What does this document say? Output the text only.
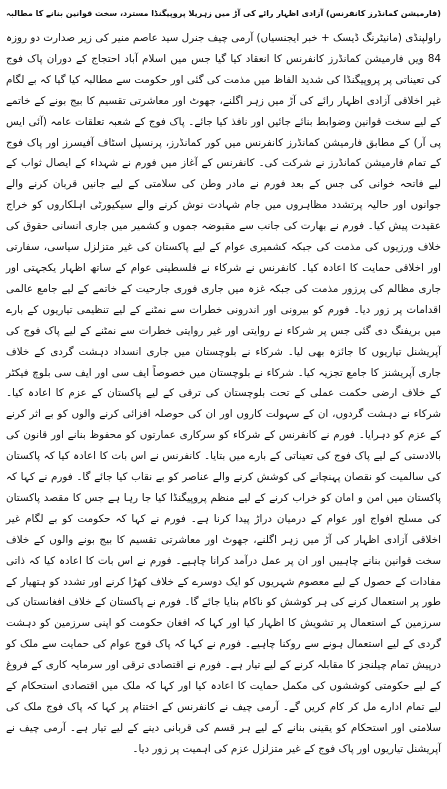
(فارمیشن کمانڈرز کانفرنس) آزادی اظہار رائے کی آڑ میں زہریلا پروپیگنڈا مسترد، سخت قوانین بنانے کا مطالبہ

راولپنڈی (مانیٹرنگ ڈیسک + خبر ایجنسیاں) آرمی چیف جنرل سید عاصم منیر کی زیر صدارت دو روزہ 84 ویں فارمیشن کمانڈرز کانفرنس کا انعقاد کیا گیا جس میں اسلام آباد احتجاج کے دوران پاک فوج کی تعیناتی پر پروپیگنڈا کی شدید الفاظ میں مذمت کی گئی اور حکومت سے مطالبہ کیا گیا کہ بے لگام غیر اخلاقی آزادی اظہار رائے کی آڑ میں زہر اگلنے، جھوٹ اور معاشرتی تقسیم کا بیج بونے کے خاتمے کے لیے سخت قوانین وضوابط بنائے جائیں اور نافذ کیا جائے۔ پاک فوج کے شعبہ تعلقات عامہ (آئی ایس پی آر) کے مطابق فارمیشن کمانڈرز کانفرنس میں کور کمانڈرز، پرنسپل اسٹاف آفیسرز اور پاک فوج کے تمام فارمیشن کمانڈرز نے شرکت کی۔ کانفرنس کے آغاز میں فورم نے شہداء کے ایصال ثواب کے لیے فاتحہ خوانی کی جس کے بعد فورم نے مادر وطن کی سلامتی کے لیے جانیں قربان کرنے والے جوانوں اور حالیہ پرتشدد مظاہروں میں جام شہادت نوش کرنے والے سیکیورٹی اہلکاروں کو خراج عقیدت پیش کیا۔ فورم نے بھارت کی جانب سے مقبوضہ جموں و کشمیر میں جاری انسانی حقوق کی خلاف ورزیوں کی مذمت کی جبکہ کشمیری عوام کے لیے پاکستان کی غیر متزلزل سیاسی، سفارتی اور اخلاقی حمایت کا اعادہ کیا۔ کانفرنس نے شرکاء نے فلسطینی عوام کے ساتھ اظہار یکجہتی اور جاری مظالم کی پرزور مذمت کی جبکہ غزہ میں جاری فوری جارحیت کے خاتمے کے لیے جامع عالمی اقدامات پر زور دیا۔ فورم کو بیرونی اور اندرونی خطرات سے نمٹنے کے لیے تنظیمی تیاریوں کے بارے میں بریفنگ دی گئی جس پر شرکاء نے روایتی اور غیر روایتی خطرات سے نمٹنے کے لیے پاک فوج کی آپریشنل تیاریوں کا جائزہ بھی لیا۔ شرکاء نے بلوچستان میں جاری انسداد دہشت گردی کے خلاف جاری آپریشنز کا جامع تجزیہ کیا۔ شرکاء نے بلوچستان میں خصوصاً ایف سی اور ایف سی بلوچ فیکٹر کے خلاف ارضی حکمت عملی کے تحت بلوچستان کی ترقی کے لیے پاکستان کے عزم کا اعادہ کیا۔ شرکاء نے دہشت گردوں، ان کے سہولت کاروں اور ان کی حوصلہ افزائی کرنے والوں کو بے اثر کرنے کے عزم کو دہرایا۔ فورم نے کانفرنس کے شرکاء کو سرکاری عمارتوں کو محفوظ بنانے اور قانون کی بالادستی کے لیے پاک فوج کی تعیناتی کے بارے میں بتایا۔ کانفرنس نے اس بات کا اعادہ کیا کہ پاکستان کی سالمیت کو نقصان پہنچانے کی کوشش کرنے والے عناصر کو بے نقاب کیا جائے گا۔ فورم نے کہا کہ پاکستان میں امن و امان کو خراب کرنے کے لیے منظم پروپیگنڈا کیا جا رہا ہے جس کا مقصد پاکستان کی مسلح افواج اور عوام کے درمیان دراڑ پیدا کرنا ہے۔ فورم نے کہا کہ حکومت کو بے لگام غیر اخلاقی آزادی اظہار کی آڑ میں زہر اگلنے، جھوٹ اور معاشرتی تقسیم کا بیج بونے والوں کے خلاف سخت قوانین بنانے چاہییں اور ان پر عمل درآمد کرانا چاہیے۔ فورم نے اس بات کا اعادہ کیا کہ ذاتی مفادات کے حصول کے لیے معصوم شہریوں کو ایک دوسرے کے خلاف کھڑا کرنے اور تشدد کو ہتھیار کے طور پر استعمال کرنے کی ہر کوشش کو ناکام بنایا جائے گا۔ فورم نے پاکستان کے خلاف افغانستان کی سرزمین کے استعمال پر تشویش کا اظہار کیا اور کہا کہ افغان حکومت کو اپنی سرزمین کو دہشت گردی کے لیے استعمال ہونے سے روکنا چاہیے۔ فورم نے کہا کہ پاک فوج عوام کی حمایت سے ملک کو درپیش تمام چیلنجز کا مقابلہ کرنے کے لیے تیار ہے۔ فورم نے اقتصادی ترقی اور سرمایہ کاری کے فروغ کے لیے حکومتی کوششوں کی مکمل حمایت کا اعادہ کیا اور کہا کہ ملک میں اقتصادی استحکام کے لیے تمام ادارے مل کر کام کریں گے۔ آرمی چیف نے کانفرنس کے اختتام پر کہا کہ پاک فوج ملک کی سلامتی اور استحکام کو یقینی بنانے کے لیے ہر قسم کی قربانی دینے کے لیے تیار ہے۔ آرمی چیف نے آپریشنل تیاریوں اور پاک فوج کے غیر متزلزل عزم کی اہمیت پر زور دیا۔
